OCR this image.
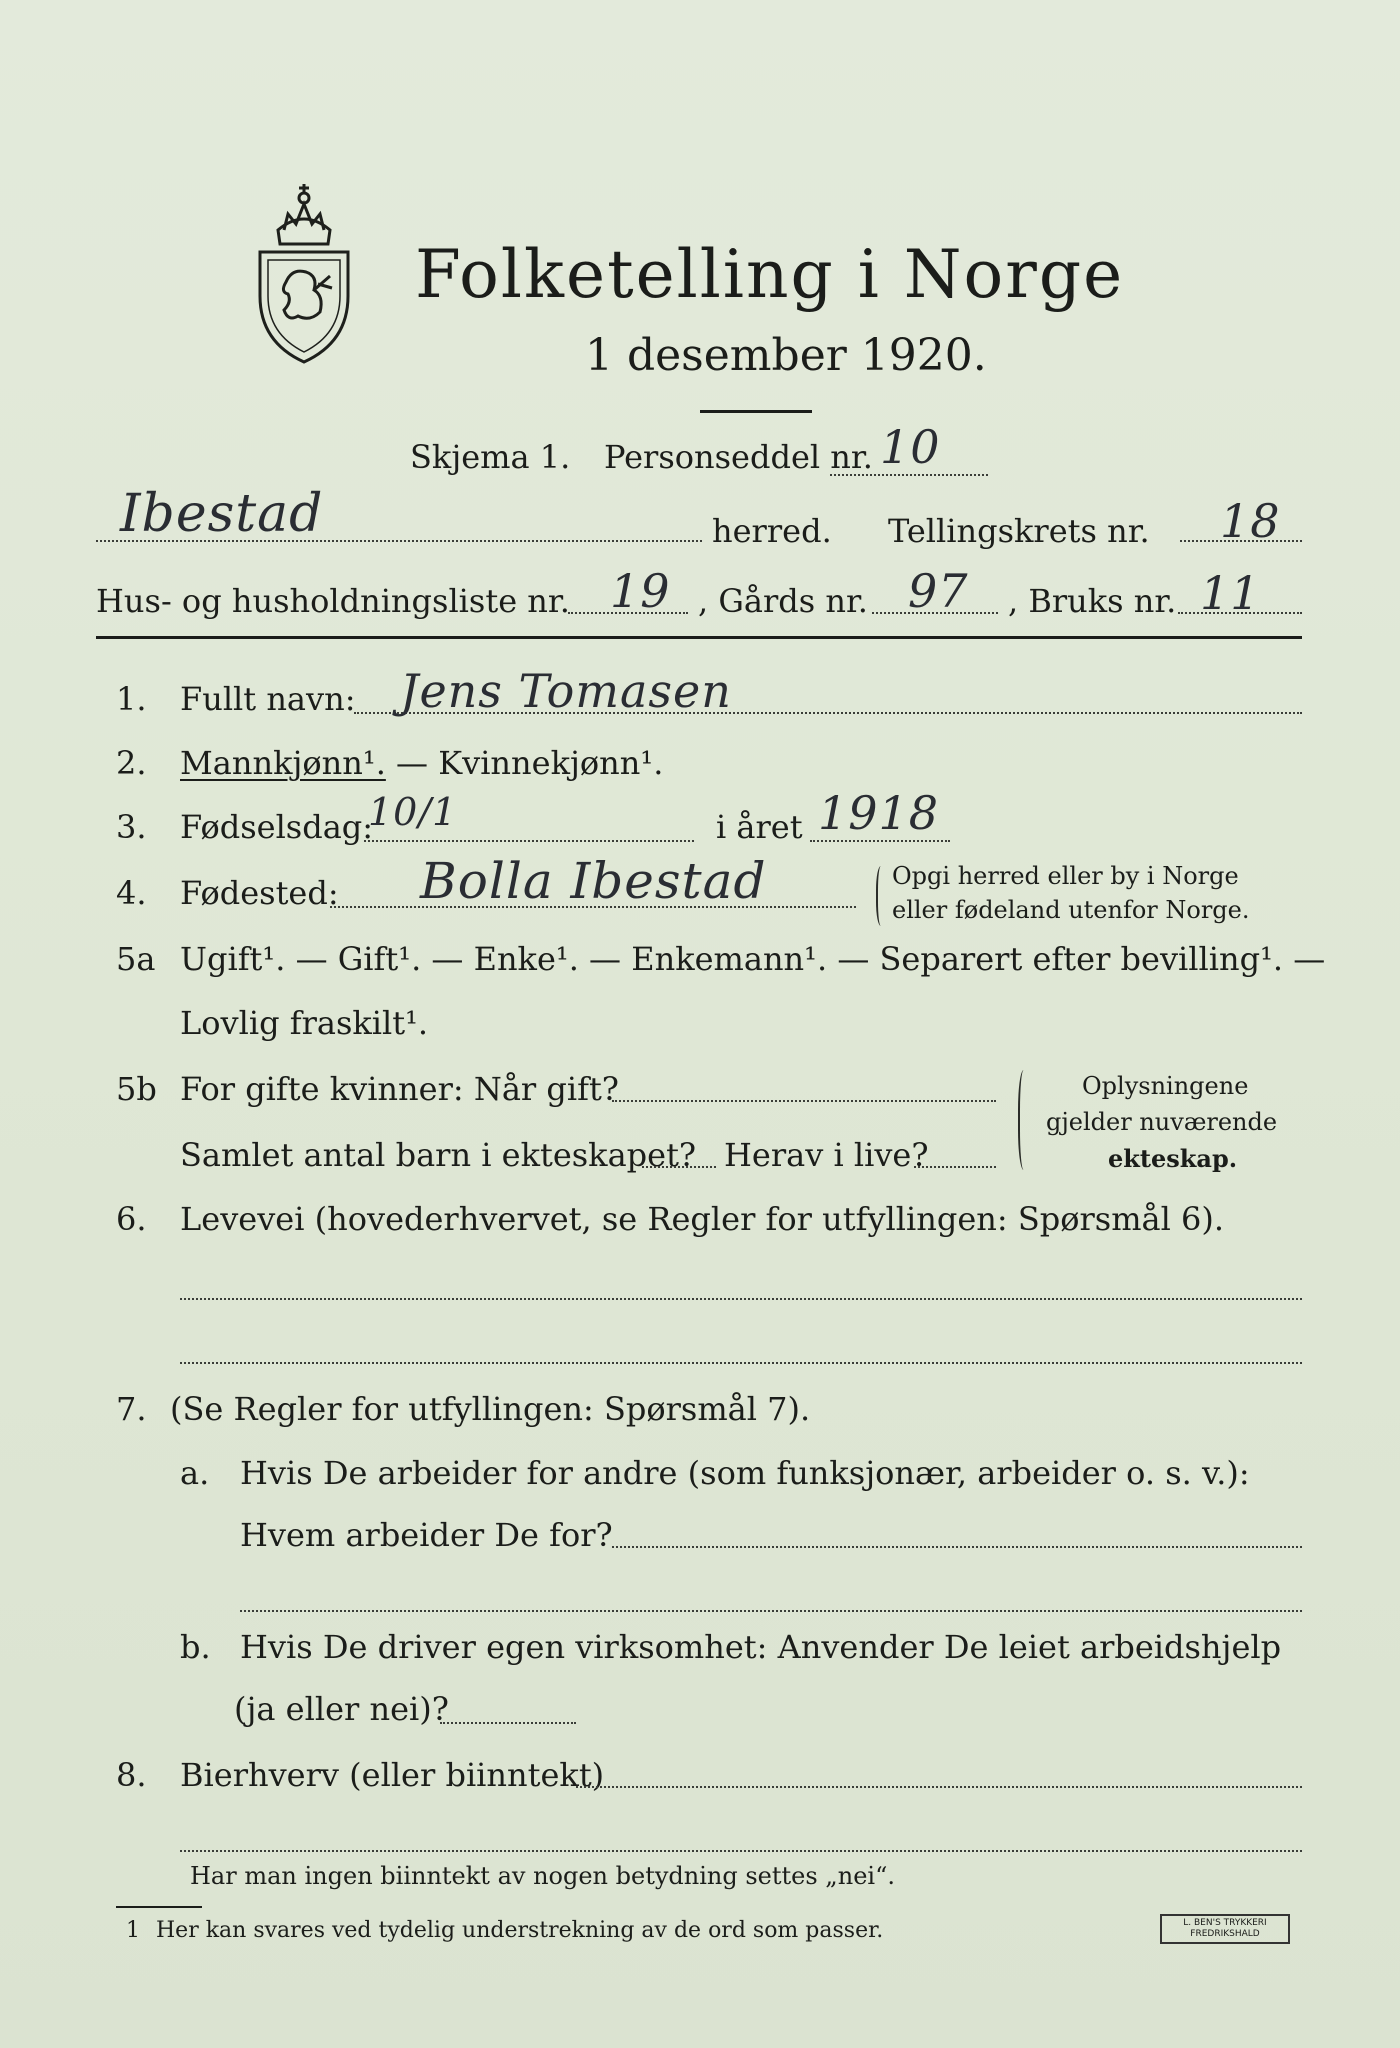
Folketelling i Norge
1 desember 1920.
Skjema 1. Personseddel nr. 10
Ibestad	herred. Tellingskrets nr. 18
Hus- og husholdningsliste nr. 19 , Gårds nr. 97 , Bruks nr. 11
1. Fullt navn: Jens Tomasen
2. Mannkjønn¹. — Kvinnekjønn¹.
3. Fødselsdag:
10/1	i året 1918
4. Fødested: Bolla Ibestad	Opgi herred eller by i Norge
eller fødeland utenfor Norge.
5a Ugift¹. — Gift¹. — Enke¹. — Enkemann¹. — Separert efter bevilling¹. —
Lovlig fraskilt¹.
5b For gifte kvinner: Når gift?
Samlet antal barn i ekteskapet? Herav i live?
Oplysningene
gjelder nuværende
ekteskap.
6. Levevei (hovederhvervet, se Regler for utfyllingen: Spørsmål 6).
7. (Se Regler for utfyllingen: Spørsmål 7).
a. Hvis De arbeider for andre (som funksjonær, arbeider o. s. v.):
Hvem arbeider De for?
b. Hvis De driver egen virksomhet: Anvender De leiet arbeidshjelp
(ja eller nei)?
8. Bierhverv (eller biinntekt)
Har man ingen biinntekt av nogen betydning settes „nei“.
1 Her kan svares ved tydelig understrekning av de ord som passer.	L. BEN'S TRYKKERI
FREDRIKSHALD
